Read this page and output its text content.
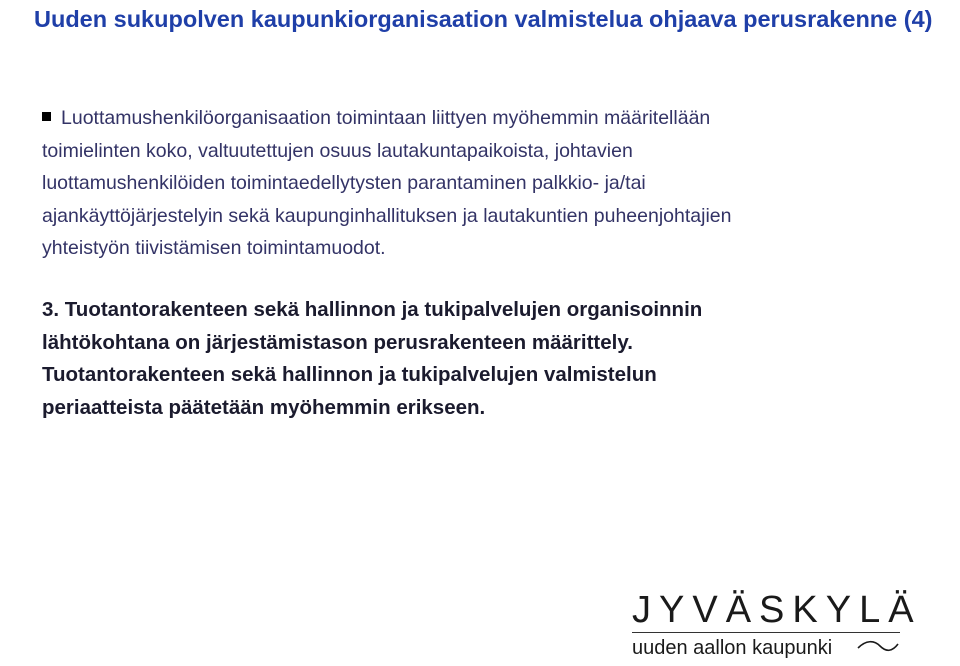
Uuden sukupolven kaupunkiorganisaation valmistelua ohjaava perusrakenne (4)
Luottamushenkilöorganisaation toimintaan liittyen myöhemmin määritellään
toimielinten koko, valtuutettujen osuus lautakuntapaikoista, johtavien
luottamushenkilöiden toimintaedellytysten parantaminen palkkio- ja/tai
ajankäyttöjärjestelyin sekä kaupunginhallituksen ja lautakuntien puheenjohtajien
yhteistyön tiivistämisen toimintamuodot.
3. Tuotantorakenteen sekä hallinnon ja tukipalvelujen organisoinnin
lähtökohtana on järjestämistason perusrakenteen määrittely.
Tuotantorakenteen sekä hallinnon ja tukipalvelujen valmistelun
periaatteista päätetään myöhemmin erikseen.
JYVÄSKYLÄ
uuden aallon kaupunki
